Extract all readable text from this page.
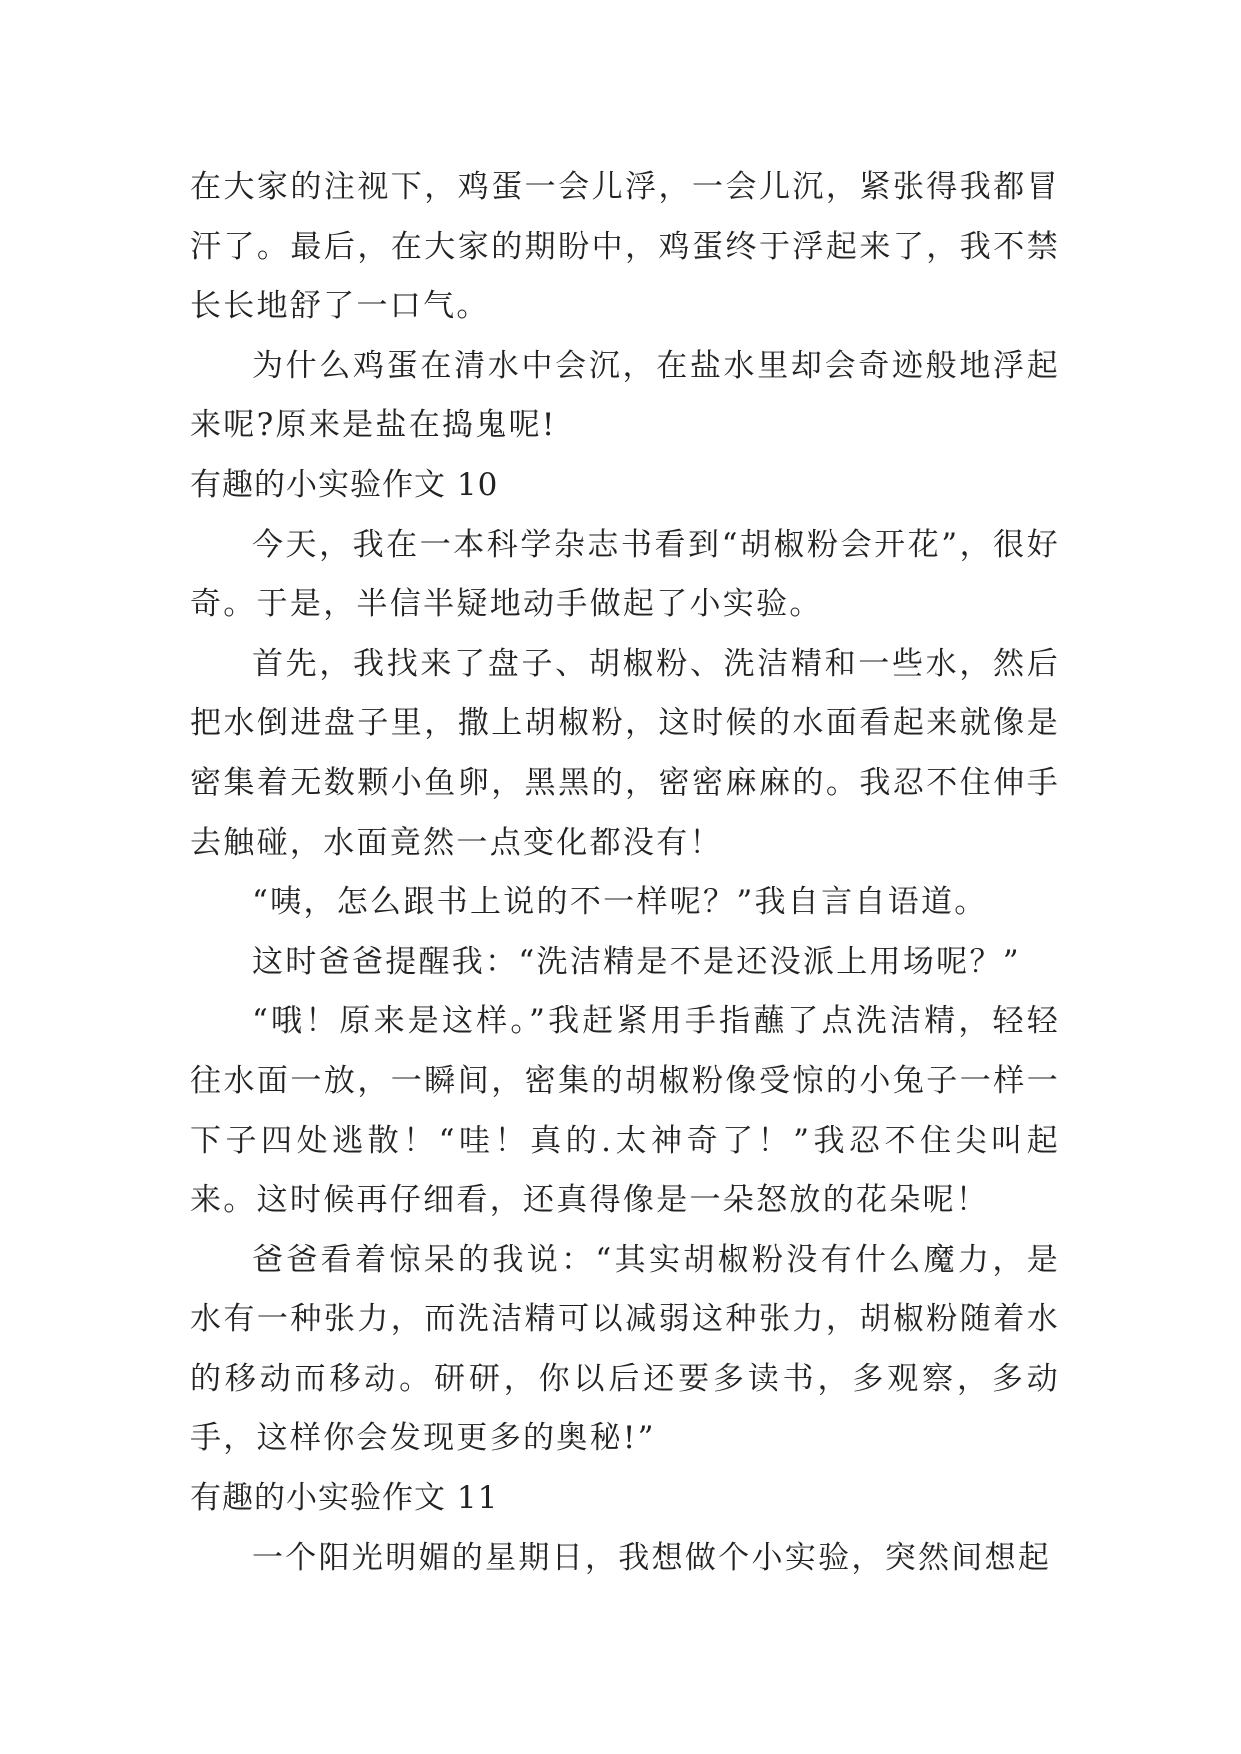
在大家的注视下，鸡蛋一会儿浮，一会儿沉，紧张得我都冒汗了。最后，在大家的期盼中，鸡蛋终于浮起来了，我不禁长长地舒了一口气。

为什么鸡蛋在清水中会沉，在盐水里却会奇迹般地浮起来呢?原来是盐在捣鬼呢!

有趣的小实验作文 10

今天，我在一本科学杂志书看到“胡椒粉会开花”，很好奇。于是，半信半疑地动手做起了小实验。

首先，我找来了盘子、胡椒粉、洗洁精和一些水，然后把水倒进盘子里，撒上胡椒粉，这时候的水面看起来就像是密集着无数颗小鱼卵，黑黑的，密密麻麻的。我忍不住伸手去触碰，水面竟然一点变化都没有！

“咦，怎么跟书上说的不一样呢？”我自言自语道。

这时爸爸提醒我：“洗洁精是不是还没派上用场呢？”

“哦！原来是这样。”我赶紧用手指蘸了点洗洁精，轻轻往水面一放，一瞬间，密集的胡椒粉像受惊的小兔子一样一下子四处逃散！“哇！真的.太神奇了！”我忍不住尖叫起来。这时候再仔细看，还真得像是一朵怒放的花朵呢！

爸爸看着惊呆的我说：“其实胡椒粉没有什么魔力，是水有一种张力，而洗洁精可以减弱这种张力，胡椒粉随着水的移动而移动。研研，你以后还要多读书，多观察，多动手，这样你会发现更多的奥秘!”

有趣的小实验作文 11

一个阳光明媚的星期日，我想做个小实验，突然间想起
